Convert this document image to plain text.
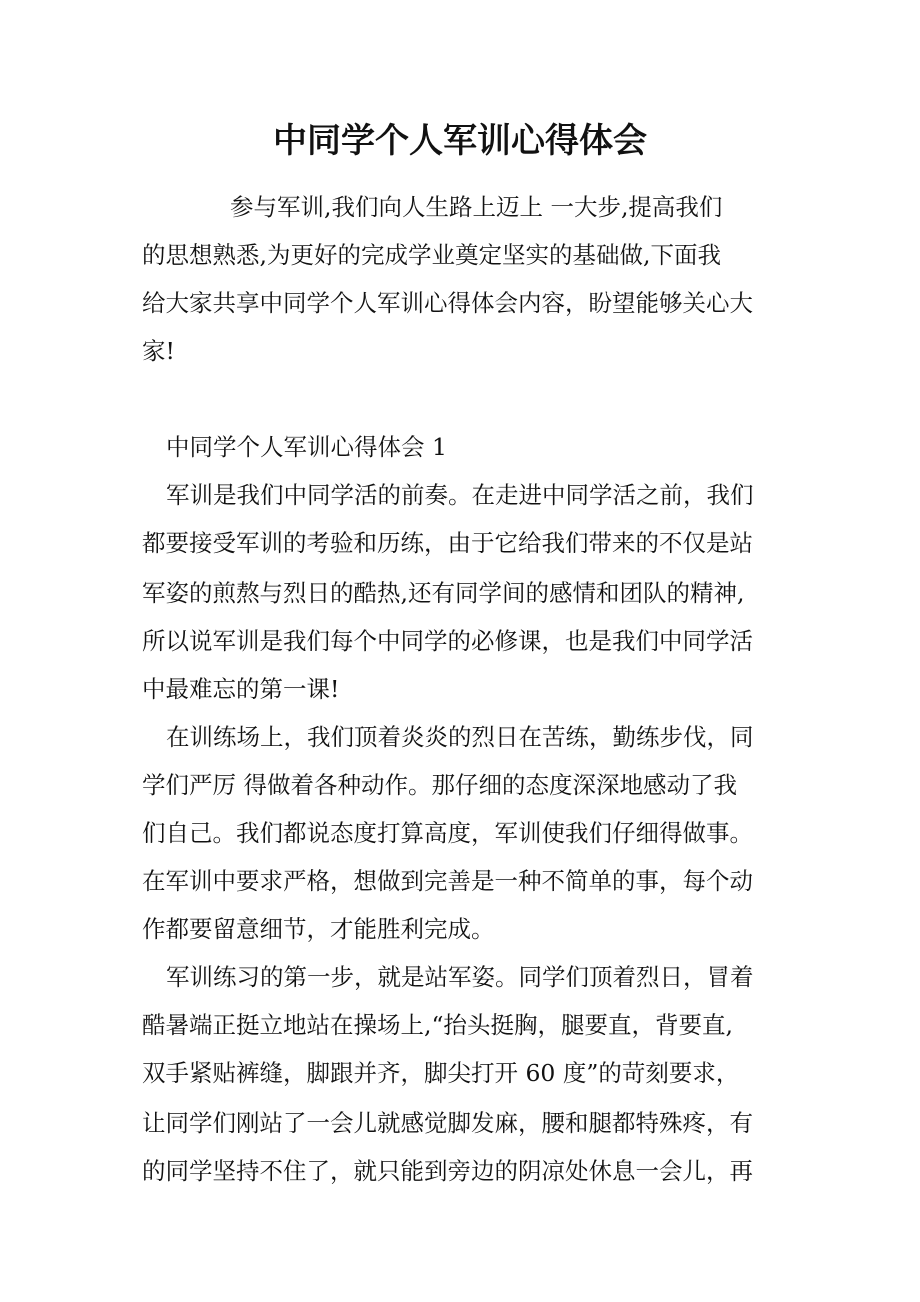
中同学个人军训心得体会

参与军训,我们向人生路上迈上 一大步,提高我们

的思想熟悉,为更好的完成学业奠定坚实的基础做,下面我

给大家共享中同学个人军训心得体会内容，盼望能够关心大

家!

中同学个人军训心得体会 1

军训是我们中同学活的前奏。在走进中同学活之前，我们

都要接受军训的考验和历练，由于它给我们带来的不仅是站

军姿的煎熬与烈日的酷热,还有同学间的感情和团队的精神,

所以说军训是我们每个中同学的必修课，也是我们中同学活

中最难忘的第一课!

在训练场上，我们顶着炎炎的烈日在苦练，勤练步伐，同

学们严厉 得做着各种动作。那仔细的态度深深地感动了我

们自己。我们都说态度打算高度，军训使我们仔细得做事。

在军训中要求严格，想做到完善是一种不简单的事，每个动

作都要留意细节，才能胜利完成。

军训练习的第一步，就是站军姿。同学们顶着烈日，冒着

酷暑端正挺立地站在操场上,“抬头挺胸，腿要直，背要直,

双手紧贴裤缝，脚跟并齐，脚尖打开 60 度”的苛刻要求，

让同学们刚站了一会儿就感觉脚发麻，腰和腿都特殊疼，有

的同学坚持不住了，就只能到旁边的阴凉处休息一会儿，再
